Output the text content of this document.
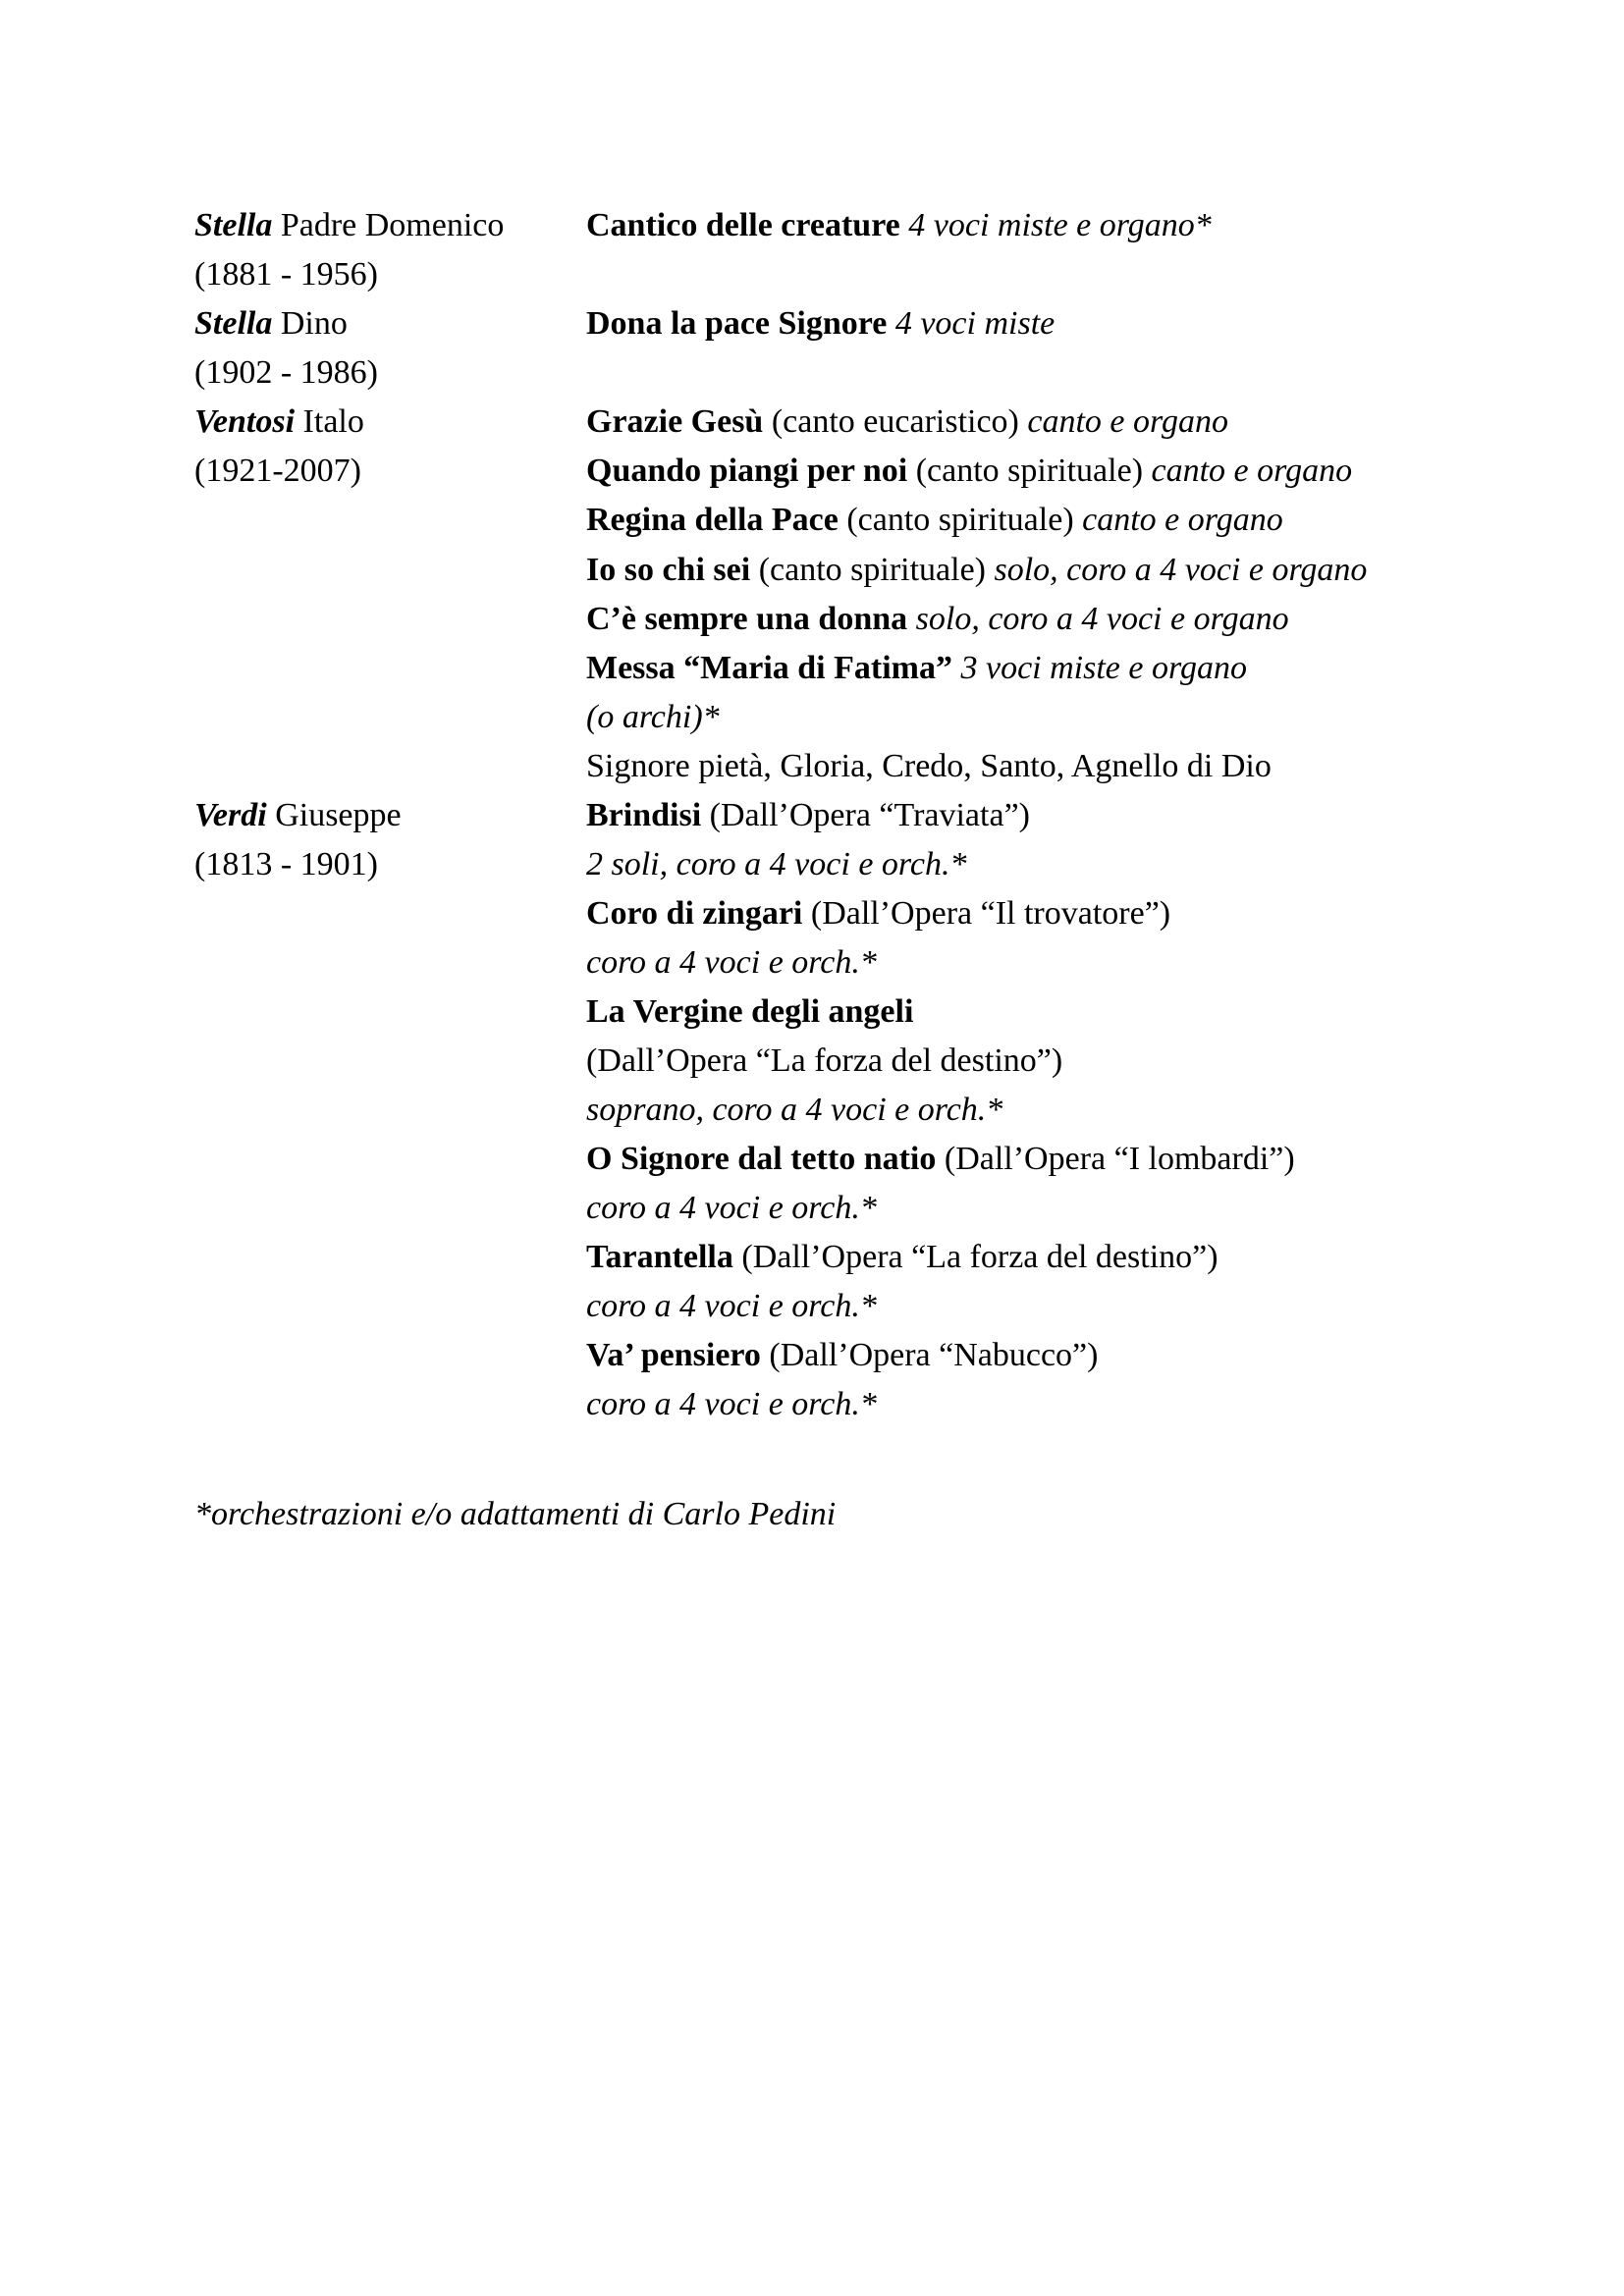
Stella Padre Domenico
(1881 - 1956)
Stella Dino
(1902 - 1986)
Ventosi Italo
(1921-2007)
Verdi Giuseppe
(1813 - 1901)
Cantico delle creature 4 voci miste e organo*
Dona la pace Signore 4 voci miste
Grazie Gesù (canto eucaristico) canto e organo
Quando piangi per noi (canto spirituale) canto e organo
Regina della Pace (canto spirituale) canto e organo
Io so chi sei (canto spirituale) solo, coro a 4 voci e organo
C’è sempre una donna solo, coro a 4 voci e organo
Messa “Maria di Fatima” 3 voci miste e organo
(o archi)*
Signore pietà, Gloria, Credo, Santo, Agnello di Dio
Brindisi (Dall’Opera “Traviata”)
2 soli, coro a 4 voci e orch.*
Coro di zingari (Dall’Opera “Il trovatore”)
coro a 4 voci e orch.*
La Vergine degli angeli
(Dall’Opera “La forza del destino”)
soprano, coro a 4 voci e orch.*
O Signore dal tetto natio (Dall’Opera “I lombardi”)
coro a 4 voci e orch.*
Tarantella (Dall’Opera “La forza del destino”)
coro a 4 voci e orch.*
Va’ pensiero (Dall’Opera “Nabucco”)
coro a 4 voci e orch.*
*orchestrazioni e/o adattamenti di Carlo Pedini
